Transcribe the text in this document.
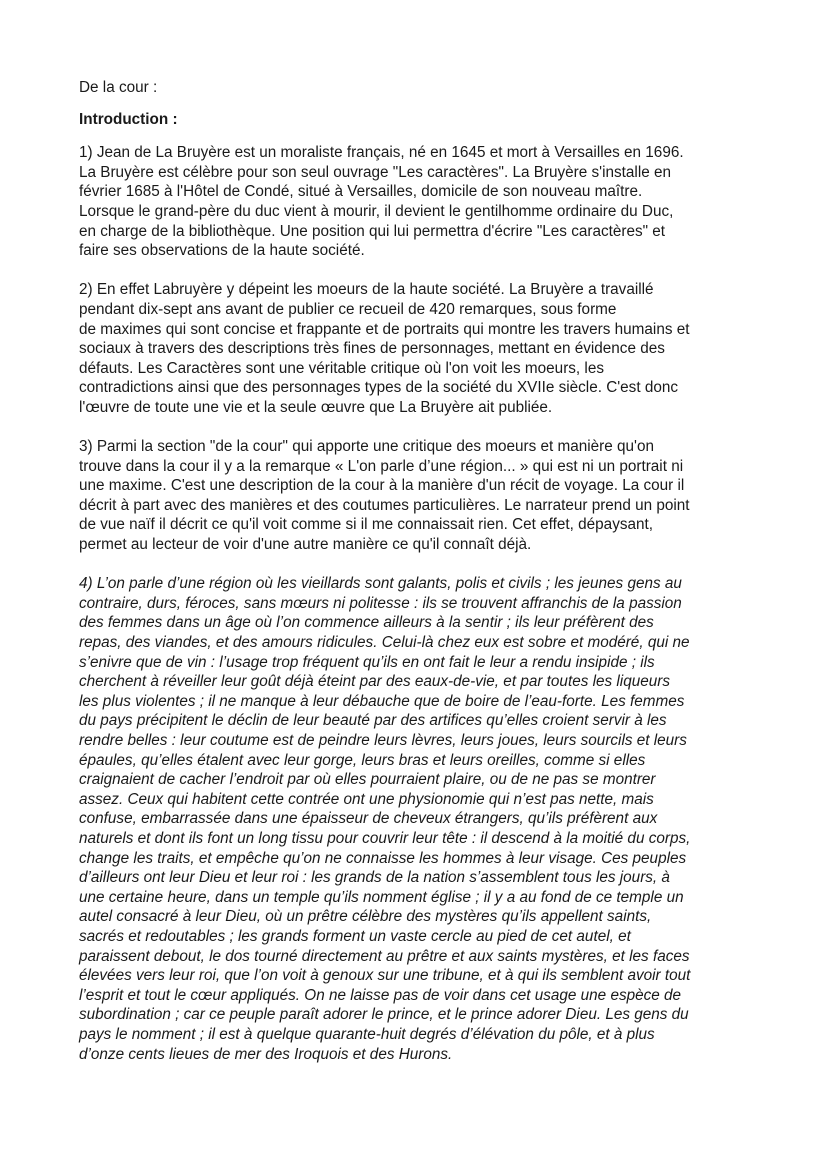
De la cour :
Introduction :
1) Jean de La Bruyère est un moraliste français, né en 1645 et mort à Versailles en 1696.
La Bruyère est célèbre pour son seul ouvrage "Les caractères". La Bruyère s'installe en
février 1685 à l'Hôtel de Condé, situé à Versailles, domicile de son nouveau maître.
Lorsque le grand-père du duc vient à mourir, il devient le gentilhomme ordinaire du Duc,
en charge de la bibliothèque. Une position qui lui permettra d'écrire "Les caractères" et
faire ses observations de la haute société.
2) En effet Labruyère y dépeint les moeurs de la haute société. La Bruyère a travaillé
pendant dix-sept ans avant de publier ce recueil de 420 remarques, sous forme
de maximes qui sont concise et frappante et de portraits qui montre les travers humains et
sociaux à travers des descriptions très fines de personnages, mettant en évidence des
défauts. Les Caractères sont une véritable critique où l'on voit les moeurs, les
contradictions ainsi que des personnages types de la société du XVIIe siècle. C'est donc
l'œuvre de toute une vie et la seule œuvre que La Bruyère ait publiée.
3) Parmi la section "de la cour" qui apporte une critique des moeurs et manière qu'on
trouve dans la cour il y a la remarque « L'on parle d’une région... » qui est ni un portrait ni
une maxime. C'est une description de la cour à la manière d'un récit de voyage. La cour il
décrit à part avec des manières et des coutumes particulières. Le narrateur prend un point
de vue naïf il décrit ce qu'il voit comme si il me connaissait rien. Cet effet, dépaysant,
permet au lecteur de voir d'une autre manière ce qu'il connaît déjà.
4) L’on parle d’une région où les vieillards sont galants, polis et civils ; les jeunes gens au
contraire, durs, féroces, sans mœurs ni politesse : ils se trouvent affranchis de la passion
des femmes dans un âge où l’on commence ailleurs à la sentir ; ils leur préfèrent des
repas, des viandes, et des amours ridicules. Celui-là chez eux est sobre et modéré, qui ne
s’enivre que de vin : l’usage trop fréquent qu’ils en ont fait le leur a rendu insipide ; ils
cherchent à réveiller leur goût déjà éteint par des eaux-de-vie, et par toutes les liqueurs
les plus violentes ; il ne manque à leur débauche que de boire de l’eau-forte. Les femmes
du pays précipitent le déclin de leur beauté par des artifices qu’elles croient servir à les
rendre belles : leur coutume est de peindre leurs lèvres, leurs joues, leurs sourcils et leurs
épaules, qu’elles étalent avec leur gorge, leurs bras et leurs oreilles, comme si elles
craignaient de cacher l’endroit par où elles pourraient plaire, ou de ne pas se montrer
assez. Ceux qui habitent cette contrée ont une physionomie qui n’est pas nette, mais
confuse, embarrassée dans une épaisseur de cheveux étrangers, qu’ils préfèrent aux
naturels et dont ils font un long tissu pour couvrir leur tête : il descend à la moitié du corps,
change les traits, et empêche qu’on ne connaisse les hommes à leur visage. Ces peuples
d’ailleurs ont leur Dieu et leur roi : les grands de la nation s’assemblent tous les jours, à
une certaine heure, dans un temple qu’ils nomment église ; il y a au fond de ce temple un
autel consacré à leur Dieu, où un prêtre célèbre des mystères qu’ils appellent saints,
sacrés et redoutables ; les grands forment un vaste cercle au pied de cet autel, et
paraissent debout, le dos tourné directement au prêtre et aux saints mystères, et les faces
élevées vers leur roi, que l’on voit à genoux sur une tribune, et à qui ils semblent avoir tout
l’esprit et tout le cœur appliqués. On ne laisse pas de voir dans cet usage une espèce de
subordination ; car ce peuple paraît adorer le prince, et le prince adorer Dieu. Les gens du
pays le nomment ; il est à quelque quarante-huit degrés d’élévation du pôle, et à plus
d’onze cents lieues de mer des Iroquois et des Hurons.
